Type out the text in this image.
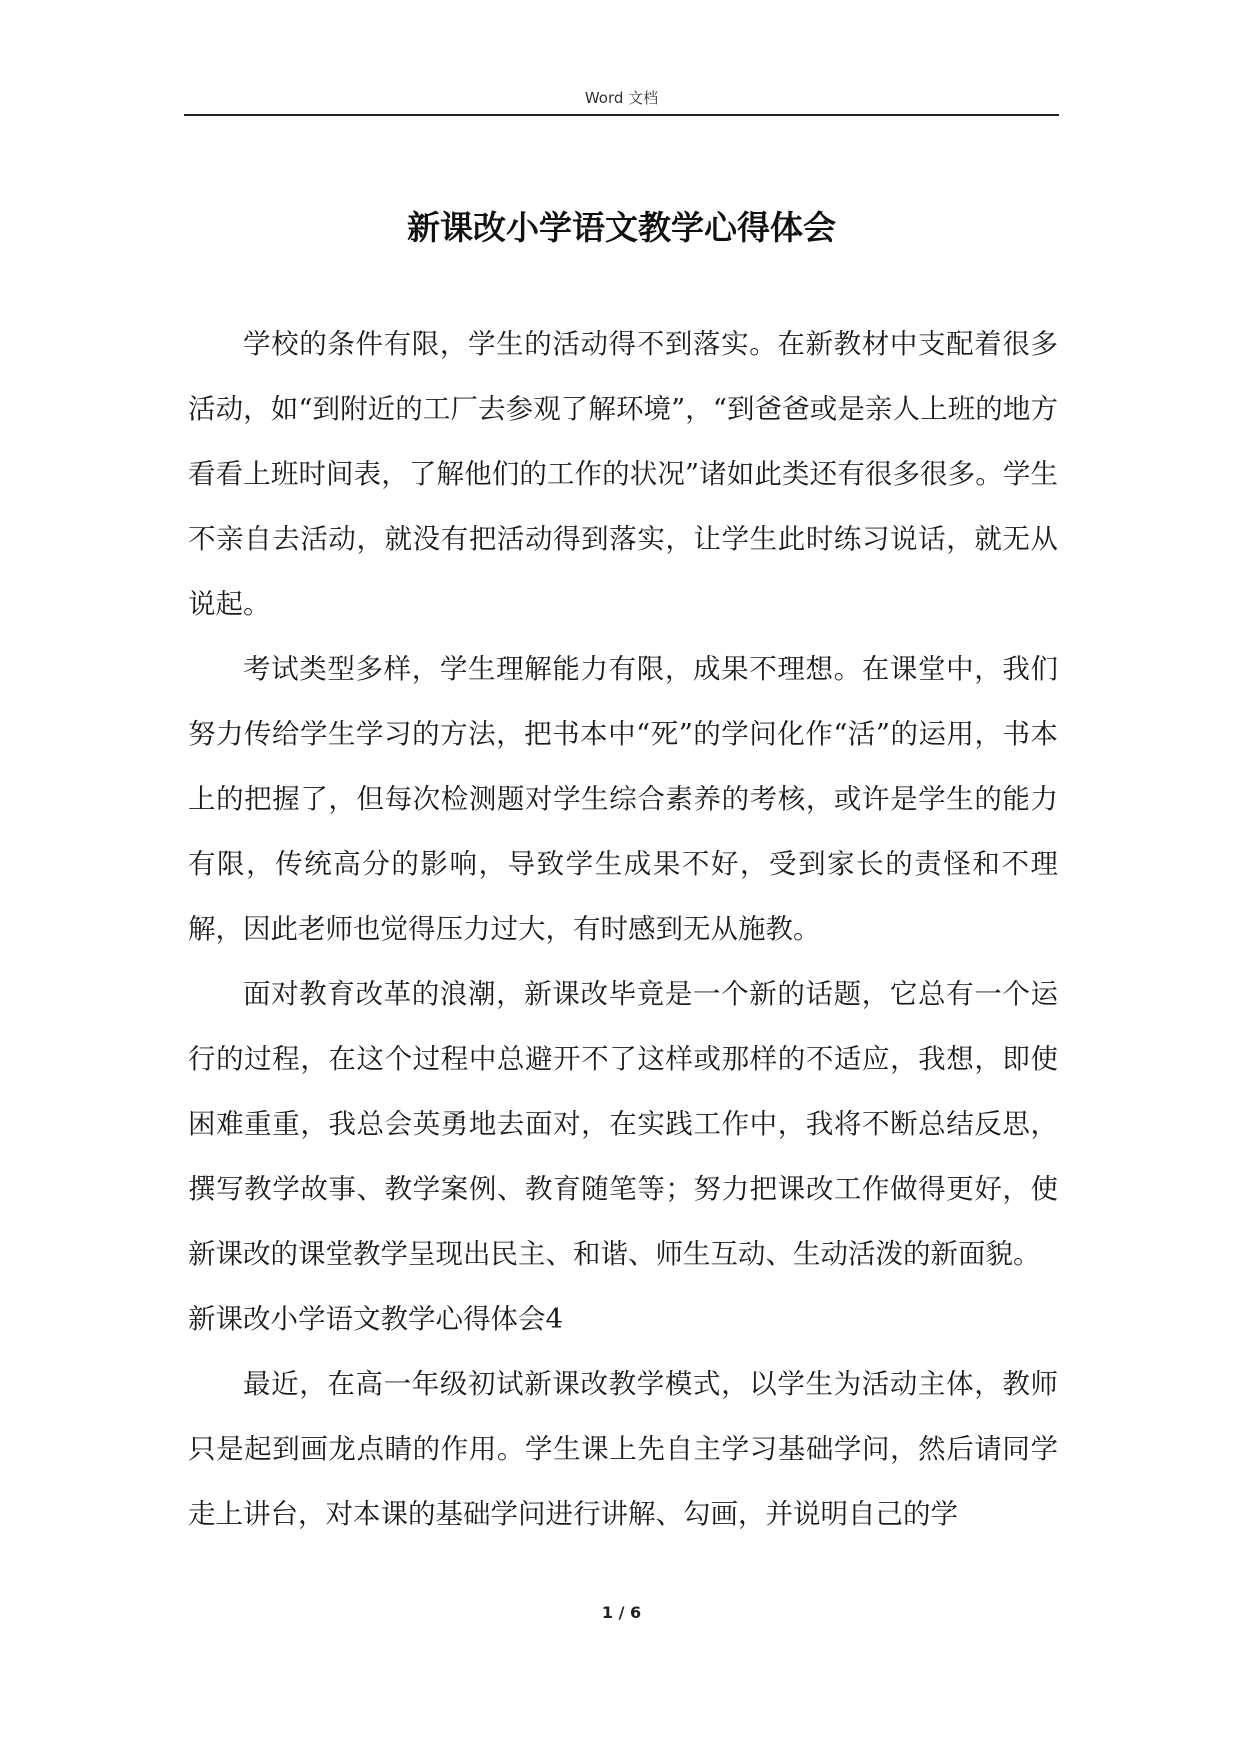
Word 文档
新课改小学语文教学心得体会

学校的条件有限，学生的活动得不到落实。在新教材中支配着很多活动，如“到附近的工厂去参观了解环境”，“到爸爸或是亲人上班的地方看看上班时间表，了解他们的工作的状况”诸如此类还有很多很多。学生不亲自去活动，就没有把活动得到落实，让学生此时练习说话，就无从说起。

考试类型多样，学生理解能力有限，成果不理想。在课堂中，我们努力传给学生学习的方法，把书本中“死”的学问化作“活”的运用，书本上的把握了，但每次检测题对学生综合素养的考核，或许是学生的能力有限，传统高分的影响，导致学生成果不好，受到家长的责怪和不理解，因此老师也觉得压力过大，有时感到无从施教。

面对教育改革的浪潮，新课改毕竟是一个新的话题，它总有一个运行的过程，在这个过程中总避开不了这样或那样的不适应，我想，即使困难重重，我总会英勇地去面对，在实践工作中，我将不断总结反思，撰写教学故事、教学案例、教育随笔等；努力把课改工作做得更好，使新课改的课堂教学呈现出民主、和谐、师生互动、生动活泼的新面貌。

新课改小学语文教学心得体会4

最近，在高一年级初试新课改教学模式，以学生为活动主体，教师只是起到画龙点睛的作用。学生课上先自主学习基础学问，然后请同学走上讲台，对本课的基础学问进行讲解、勾画，并说明自己的学

1 / 6
